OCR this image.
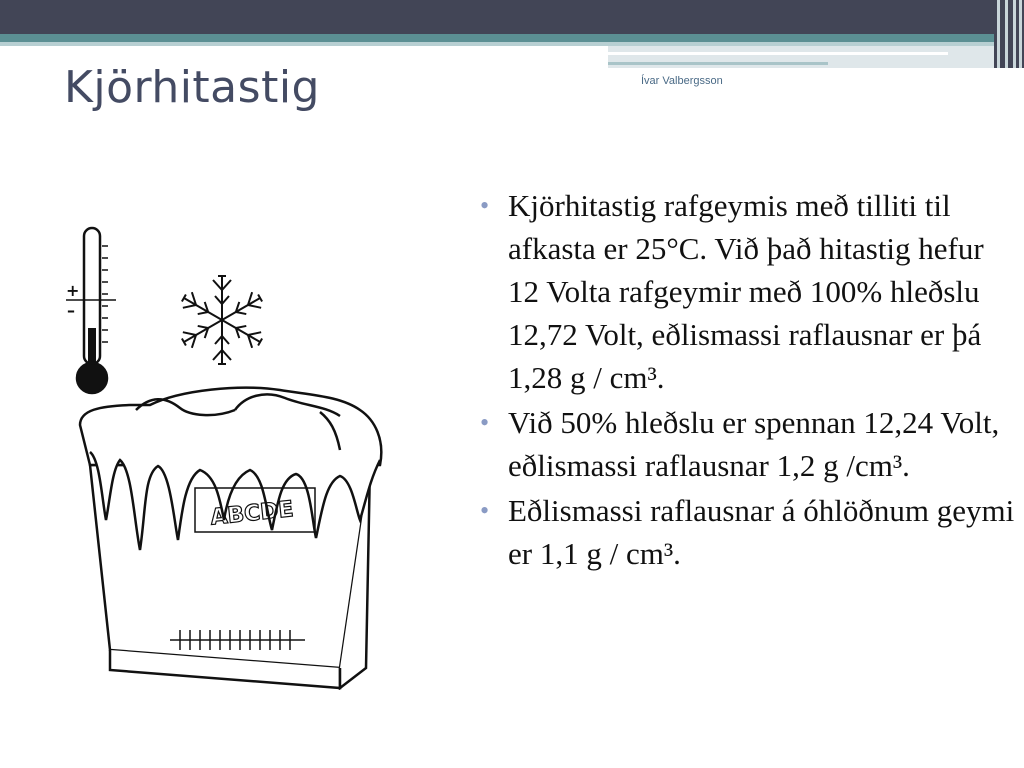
Kjörhitastig	Ívar Valbergsson
+
–
ABCDE
• Kjörhitastig rafgeymis með tilliti til afkasta er 25°C. Við það hitastig hefur 12 Volta rafgeymir með 100% hleðslu 12,72 Volt, eðlismassi raflausnar er þá 1,28 g / cm³.
• Við 50% hleðslu er spennan 12,24 Volt, eðlismassi raflausnar 1,2 g /cm³.
• Eðlismassi raflausnar á óhlöðnum geymi er 1,1 g / cm³.
